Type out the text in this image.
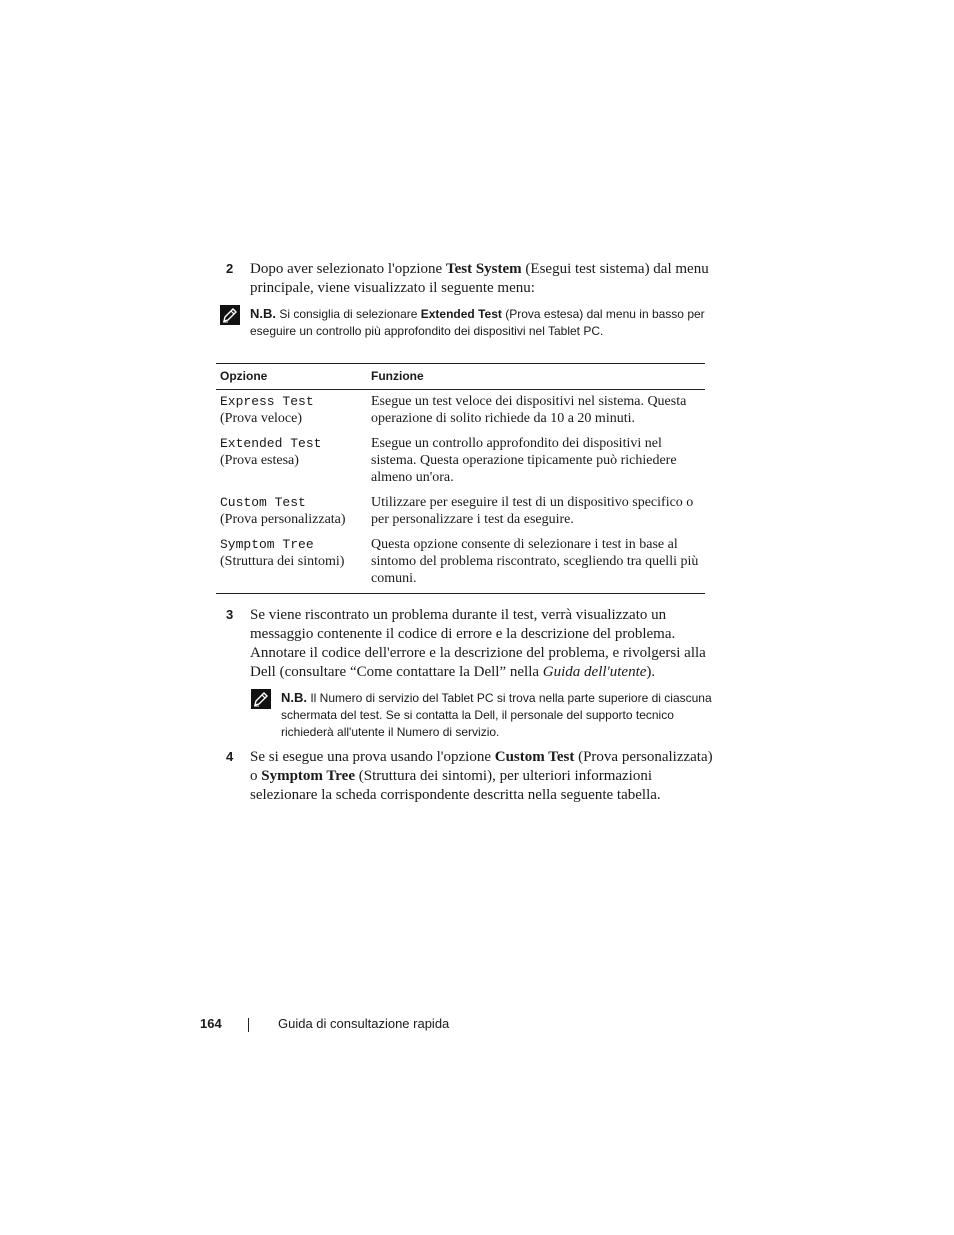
2 Dopo aver selezionato l'opzione Test System (Esegui test sistema) dal menu principale, viene visualizzato il seguente menu:
N.B. Si consiglia di selezionare Extended Test (Prova estesa) dal menu in basso per eseguire un controllo più approfondito dei dispositivi nel Tablet PC.
Opzione	Funzione
Express Test
(Prova veloce)
Esegue un test veloce dei dispositivi nel sistema. Questa operazione di solito richiede da 10 a 20 minuti.
Extended Test
(Prova estesa)
Esegue un controllo approfondito dei dispositivi nel sistema. Questa operazione tipicamente può richiedere almeno un'ora.
Custom Test
(Prova personalizzata)
Utilizzare per eseguire il test di un dispositivo specifico o per personalizzare i test da eseguire.
Symptom Tree
(Struttura dei sintomi)
Questa opzione consente di selezionare i test in base al sintomo del problema riscontrato, scegliendo tra quelli più comuni.
3 Se viene riscontrato un problema durante il test, verrà visualizzato un messaggio contenente il codice di errore e la descrizione del problema. Annotare il codice dell'errore e la descrizione del problema, e rivolgersi alla Dell (consultare “Come contattare la Dell” nella Guida dell'utente).
N.B. Il Numero di servizio del Tablet PC si trova nella parte superiore di ciascuna schermata del test. Se si contatta la Dell, il personale del supporto tecnico richiederà all'utente il Numero di servizio.
4 Se si esegue una prova usando l'opzione Custom Test (Prova personalizzata) o Symptom Tree (Struttura dei sintomi), per ulteriori informazioni selezionare la scheda corrispondente descritta nella seguente tabella.
164	Guida di consultazione rapida
